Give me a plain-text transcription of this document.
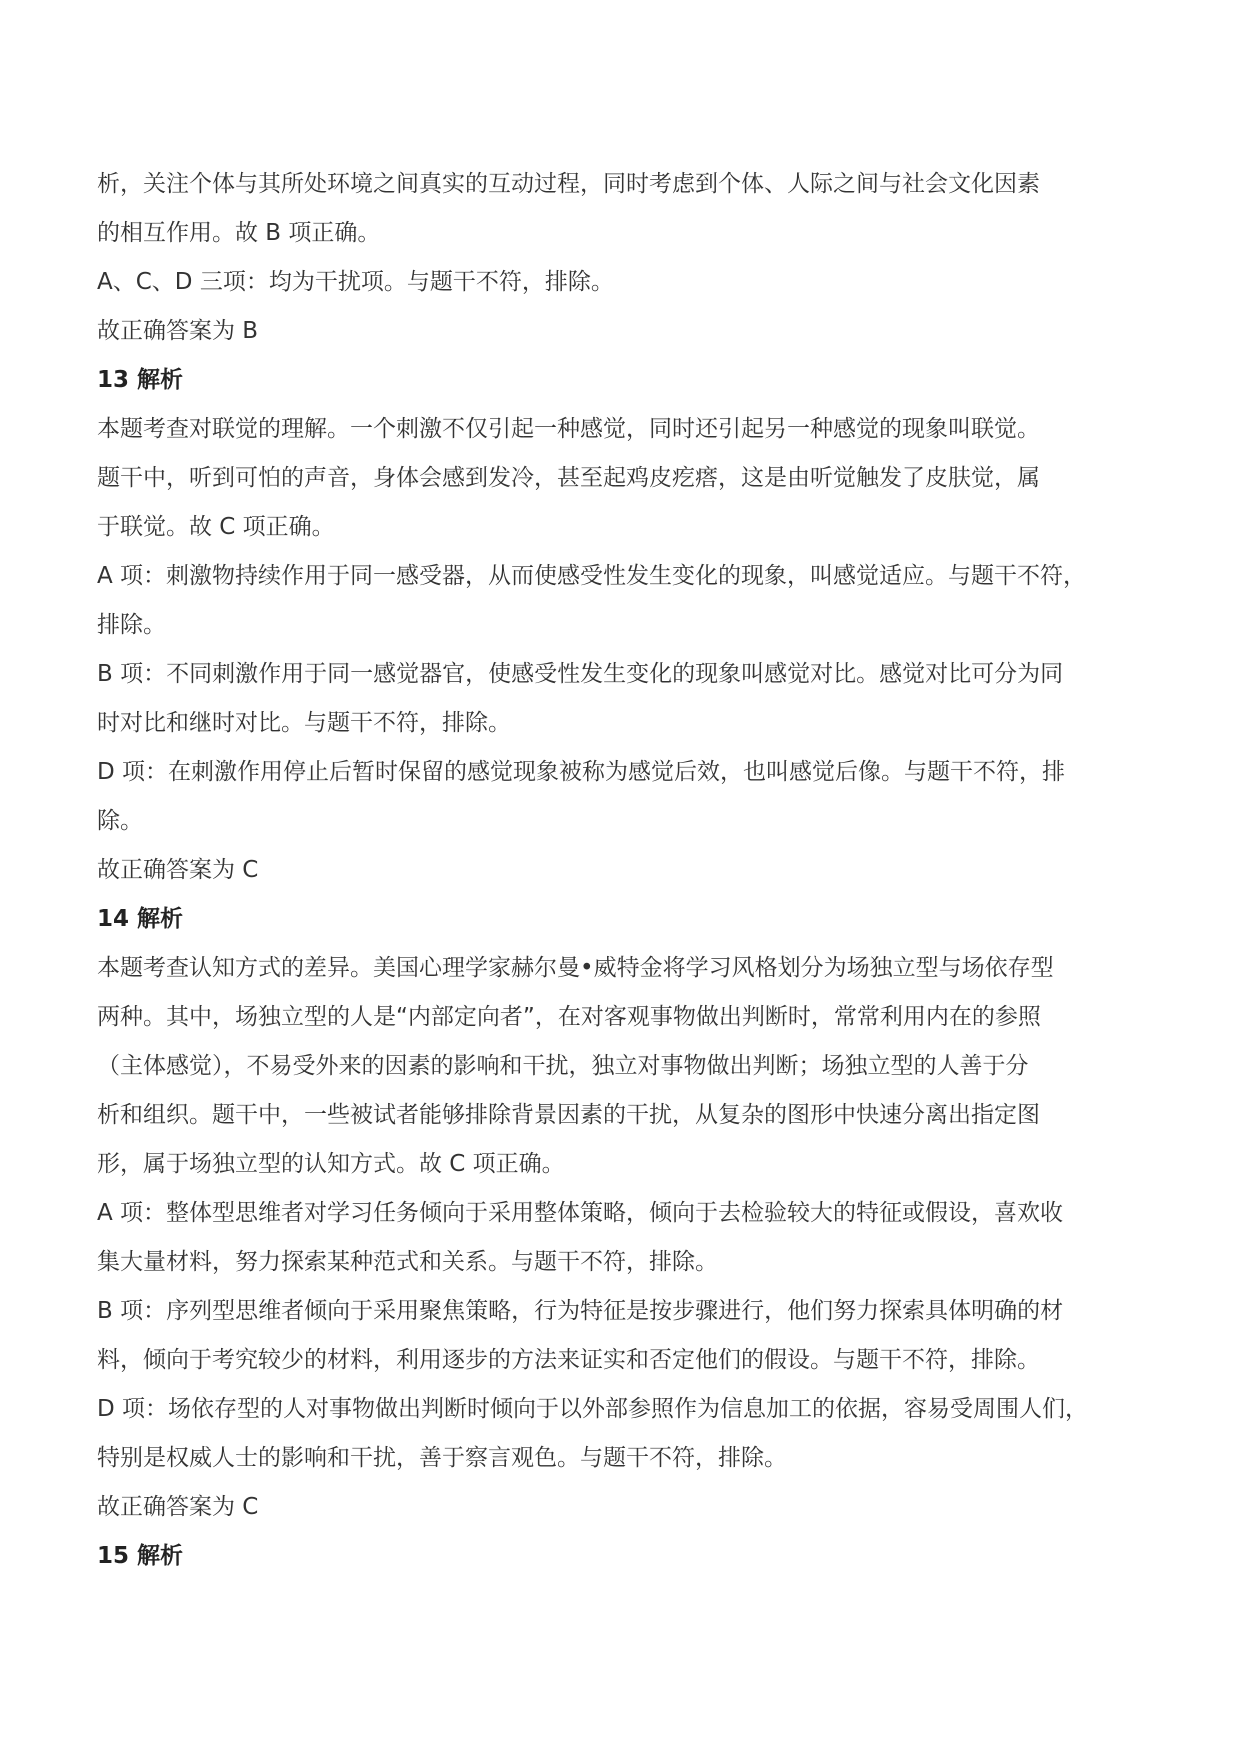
析，关注个体与其所处环境之间真实的互动过程，同时考虑到个体、人际之间与社会文化因素
的相互作用。故 B 项正确。
A、C、D 三项：均为干扰项。与题干不符，排除。
故正确答案为 B
13 解析
本题考查对联觉的理解。一个刺激不仅引起一种感觉，同时还引起另一种感觉的现象叫联觉。
题干中，听到可怕的声音，身体会感到发冷，甚至起鸡皮疙瘩，这是由听觉触发了皮肤觉，属
于联觉。故 C 项正确。
A 项：刺激物持续作用于同一感受器，从而使感受性发生变化的现象，叫感觉适应。与题干不符，
排除。
B 项：不同刺激作用于同一感觉器官，使感受性发生变化的现象叫感觉对比。感觉对比可分为同
时对比和继时对比。与题干不符，排除。
D 项：在刺激作用停止后暂时保留的感觉现象被称为感觉后效，也叫感觉后像。与题干不符，排
除。
故正确答案为 C
14 解析
本题考查认知方式的差异。美国心理学家赫尔曼•威特金将学习风格划分为场独立型与场依存型
两种。其中，场独立型的人是“内部定向者”，在对客观事物做出判断时，常常利用内在的参照
（主体感觉），不易受外来的因素的影响和干扰，独立对事物做出判断；场独立型的人善于分
析和组织。题干中，一些被试者能够排除背景因素的干扰，从复杂的图形中快速分离出指定图
形，属于场独立型的认知方式。故 C 项正确。
A 项：整体型思维者对学习任务倾向于采用整体策略，倾向于去检验较大的特征或假设，喜欢收
集大量材料，努力探索某种范式和关系。与题干不符，排除。
B 项：序列型思维者倾向于采用聚焦策略，行为特征是按步骤进行，他们努力探索具体明确的材
料，倾向于考究较少的材料，利用逐步的方法来证实和否定他们的假设。与题干不符，排除。
D 项：场依存型的人对事物做出判断时倾向于以外部参照作为信息加工的依据，容易受周围人们，
特别是权威人士的影响和干扰，善于察言观色。与题干不符，排除。
故正确答案为 C
15 解析
